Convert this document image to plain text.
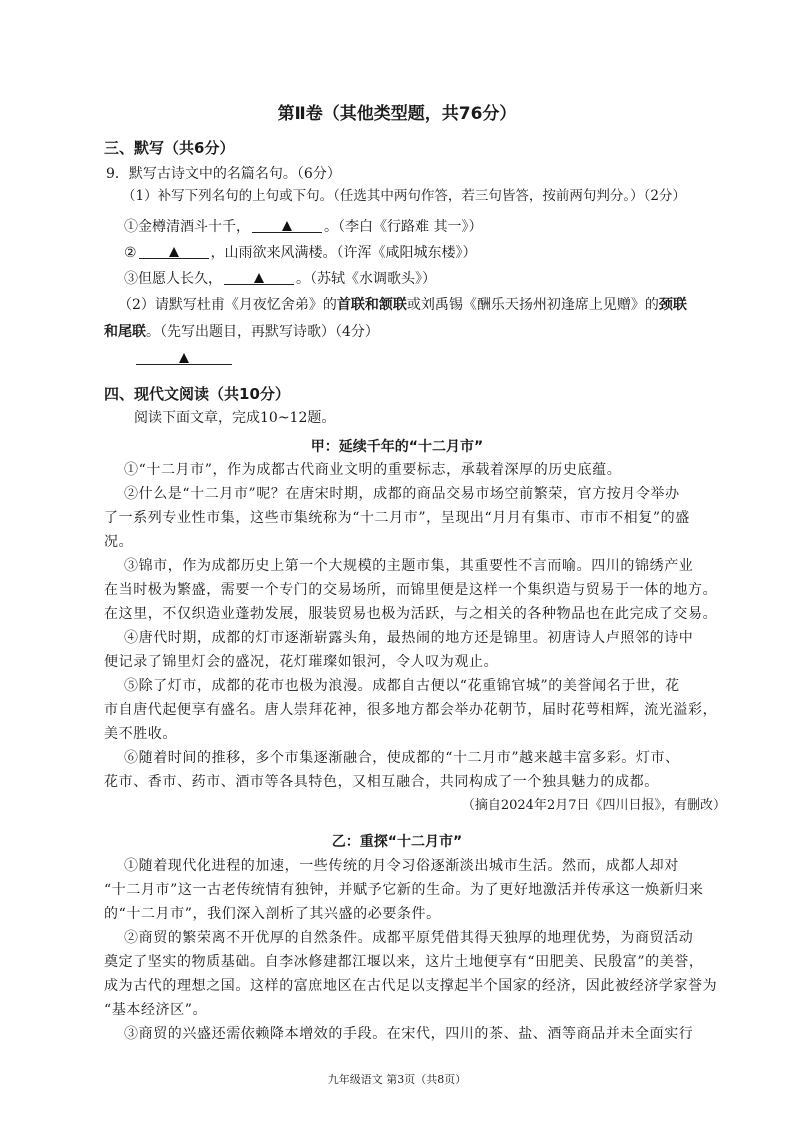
第Ⅱ卷（其他类型题，共76分）
三、默写（共6分）
9．默写古诗文中的名篇名句。（6分）
（1）补写下列名句的上句或下句。（任选其中两句作答，若三句皆答，按前两句判分。）（2分）
①金樽清酒斗十千，	。（李白《行路难 其一》）
②	，山雨欲来风满楼。（许浑《咸阳城东楼》）
③但愿人长久，	。（苏轼《水调歌头》）
（2）请默写杜甫《月夜忆舍弟》的首联和颔联或刘禹锡《酬乐天扬州初逢席上见赠》的颈联
和尾联。（先写出题目，再默写诗歌）（4分）
四、现代文阅读（共10分）
阅读下面文章，完成10~12题。
甲：延续千年的“十二月市”
①“十二月市”，作为成都古代商业文明的重要标志，承载着深厚的历史底蕴。
②什么是“十二月市”呢？在唐宋时期，成都的商品交易市场空前繁荣，官方按月令举办
了一系列专业性市集，这些市集统称为“十二月市”，呈现出“月月有集市、市市不相复”的盛
况。
③锦市，作为成都历史上第一个大规模的主题市集，其重要性不言而喻。四川的锦绣产业
在当时极为繁盛，需要一个专门的交易场所，而锦里便是这样一个集织造与贸易于一体的地方。
在这里，不仅织造业蓬勃发展，服装贸易也极为活跃，与之相关的各种物品也在此完成了交易。
④唐代时期，成都的灯市逐渐崭露头角，最热闹的地方还是锦里。初唐诗人卢照邻的诗中
便记录了锦里灯会的盛况，花灯璀璨如银河，令人叹为观止。
⑤除了灯市，成都的花市也极为浪漫。成都自古便以“花重锦官城”的美誉闻名于世，花
市自唐代起便享有盛名。唐人崇拜花神，很多地方都会举办花朝节，届时花萼相辉，流光溢彩，
美不胜收。
⑥随着时间的推移，多个市集逐渐融合，使成都的“十二月市”越来越丰富多彩。灯市、
花市、香市、药市、酒市等各具特色，又相互融合，共同构成了一个独具魅力的成都。
（摘自2024年2月7日《四川日报》，有删改）
乙：重探“十二月市”
①随着现代化进程的加速，一些传统的月令习俗逐渐淡出城市生活。然而，成都人却对
“十二月市”这一古老传统情有独钟，并赋予它新的生命。为了更好地激活并传承这一焕新归来
的“十二月市”，我们深入剖析了其兴盛的必要条件。
②商贸的繁荣离不开优厚的自然条件。成都平原凭借其得天独厚的地理优势，为商贸活动
奠定了坚实的物质基础。自李冰修建都江堰以来，这片土地便享有“田肥美、民殷富”的美誉，
成为古代的理想之国。这样的富庶地区在古代足以支撑起半个国家的经济，因此被经济学家誉为
“基本经济区”。
③商贸的兴盛还需依赖降本增效的手段。在宋代，四川的茶、盐、酒等商品并未全面实行
九年级语文 第3页（共8页）
